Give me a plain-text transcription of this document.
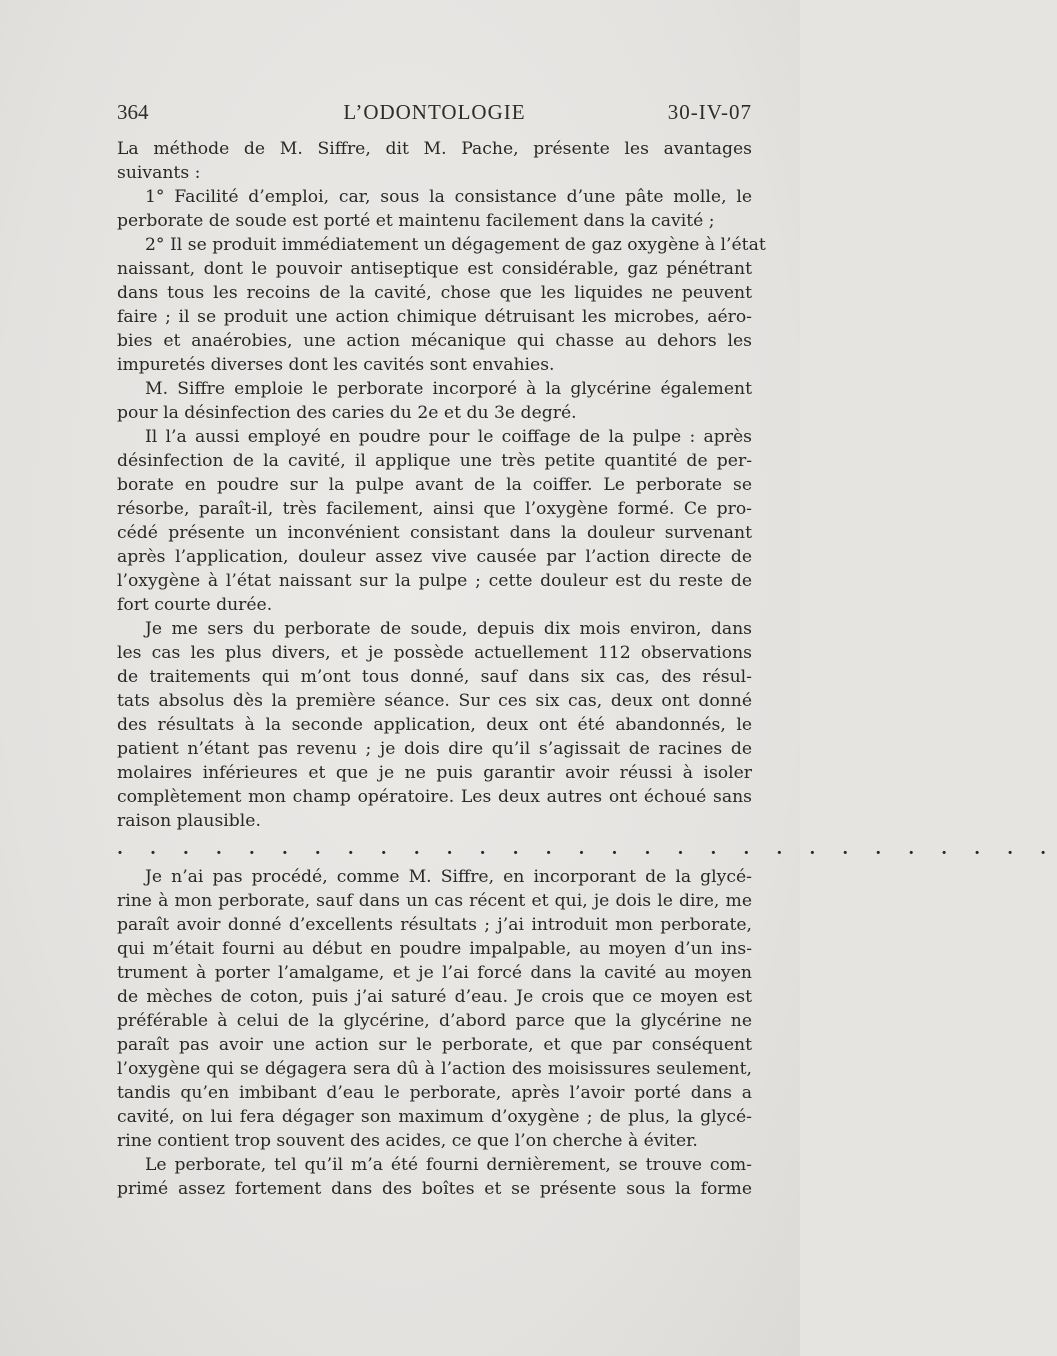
364	L’ODONTOLOGIE	30-IV-07
La méthode de M. Siffre, dit M. Pache, présente les avantages
suivants :
1° Facilité d’emploi, car, sous la consistance d’une pâte molle, le
perborate de soude est porté et maintenu facilement dans la cavité ;
2° Il se produit immédiatement un dégagement de gaz oxygène à l’état
naissant, dont le pouvoir antiseptique est considérable, gaz pénétrant
dans tous les recoins de la cavité, chose que les liquides ne peuvent
faire ; il se produit une action chimique détruisant les microbes, aéro-
bies et anaérobies, une action mécanique qui chasse au dehors les
impuretés diverses dont les cavités sont envahies.
M. Siffre emploie le perborate incorporé à la glycérine également
pour la désinfection des caries du 2e et du 3e degré.
Il l’a aussi employé en poudre pour le coiffage de la pulpe : après
désinfection de la cavité, il applique une très petite quantité de per-
borate en poudre sur la pulpe avant de la coiffer. Le perborate se
résorbe, paraît-il, très facilement, ainsi que l’oxygène formé. Ce pro-
cédé présente un inconvénient consistant dans la douleur survenant
après l’application, douleur assez vive causée par l’action directe de
l’oxygène à l’état naissant sur la pulpe ; cette douleur est du reste de
fort courte durée.
Je me sers du perborate de soude, depuis dix mois environ, dans
les cas les plus divers, et je possède actuellement 112 observations
de traitements qui m’ont tous donné, sauf dans six cas, des résul-
tats absolus dès la première séance. Sur ces six cas, deux ont donné
des résultats à la seconde application, deux ont été abandonnés, le
patient n’étant pas revenu ; je dois dire qu’il s’agissait de racines de
molaires inférieures et que je ne puis garantir avoir réussi à isoler
complètement mon champ opératoire. Les deux autres ont échoué sans
raison plausible.
. . . . . . . . . . . . . . . . . . . . . . . . . . . . .
Je n’ai pas procédé, comme M. Siffre, en incorporant de la glycé-
rine à mon perborate, sauf dans un cas récent et qui, je dois le dire, me
paraît avoir donné d’excellents résultats ; j’ai introduit mon perborate,
qui m’était fourni au début en poudre impalpable, au moyen d’un ins-
trument à porter l’amalgame, et je l’ai forcé dans la cavité au moyen
de mèches de coton, puis j’ai saturé d’eau. Je crois que ce moyen est
préférable à celui de la glycérine, d’abord parce que la glycérine ne
paraît pas avoir une action sur le perborate, et que par conséquent
l’oxygène qui se dégagera sera dû à l’action des moisissures seulement,
tandis qu’en imbibant d’eau le perborate, après l’avoir porté dans a
cavité, on lui fera dégager son maximum d’oxygène ; de plus, la glycé-
rine contient trop souvent des acides, ce que l’on cherche à éviter.
Le perborate, tel qu’il m’a été fourni dernièrement, se trouve com-
primé assez fortement dans des boîtes et se présente sous la forme
